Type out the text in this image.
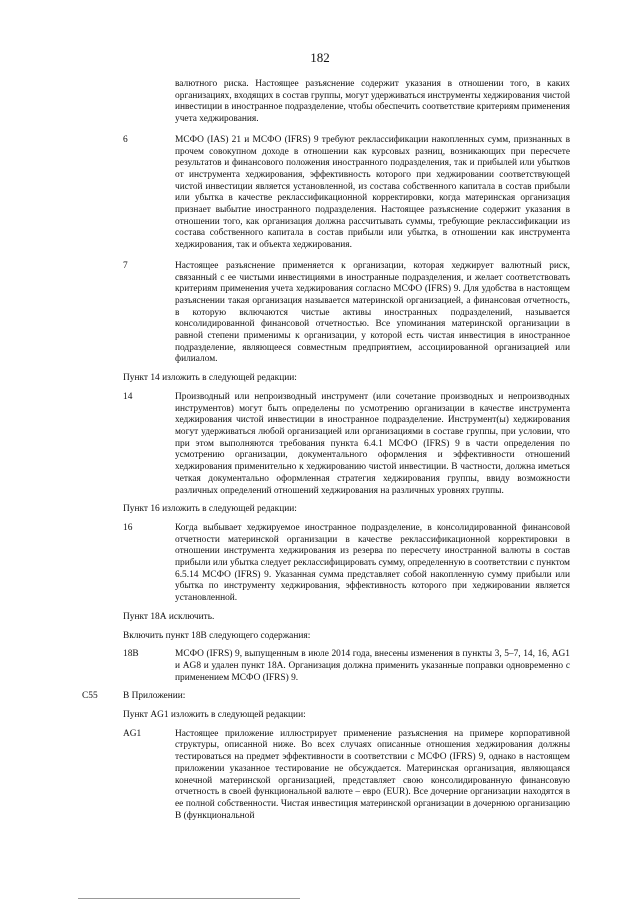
182

валютного риска. Настоящее разъяснение содержит указания в отношении того, в каких организациях, входящих в состав группы, могут удерживаться инструменты хеджирования чистой инвестиции в иностранное подразделение, чтобы обеспечить соответствие критериям применения учета хеджирования.

6	МСФО (IAS) 21 и МСФО (IFRS) 9 требуют реклассификации накопленных сумм, признанных в прочем совокупном доходе в отношении как курсовых разниц, возникающих при пересчете результатов и финансового положения иностранного подразделения, так и прибылей или убытков от инструмента хеджирования, эффективность которого при хеджировании соответствующей чистой инвестиции является установленной, из состава собственного капитала в состав прибыли или убытка в качестве реклассификационной корректировки, когда материнская организация признает выбытие иностранного подразделения. Настоящее разъяснение содержит указания в отношении того, как организация должна рассчитывать суммы, требующие реклассификации из состава собственного капитала в состав прибыли или убытка, в отношении как инструмента хеджирования, так и объекта хеджирования.

7	Настоящее разъяснение применяется к организации, которая хеджирует валютный риск, связанный с ее чистыми инвестициями в иностранные подразделения, и желает соответствовать критериям применения учета хеджирования согласно МСФО (IFRS) 9. Для удобства в настоящем разъяснении такая организация называется материнской организацией, а финансовая отчетность, в которую включаются чистые активы иностранных подразделений, называется консолидированной финансовой отчетностью. Все упоминания материнской организации в равной степени применимы к организации, у которой есть чистая инвестиция в иностранное подразделение, являющееся совместным предприятием, ассоциированной организацией или филиалом.

Пункт 14 изложить в следующей редакции:

14	Производный или непроизводный инструмент (или сочетание производных и непроизводных инструментов) могут быть определены по усмотрению организации в качестве инструмента хеджирования чистой инвестиции в иностранное подразделение. Инструмент(ы) хеджирования могут удерживаться любой организацией или организациями в составе группы, при условии, что при этом выполняются требования пункта 6.4.1 МСФО (IFRS) 9 в части определения по усмотрению организации, документального оформления и эффективности отношений хеджирования применительно к хеджированию чистой инвестиции. В частности, должна иметься четкая документально оформленная стратегия хеджирования группы, ввиду возможности различных определений отношений хеджирования на различных уровнях группы.

Пункт 16 изложить в следующей редакции:

16	Когда выбывает хеджируемое иностранное подразделение, в консолидированной финансовой отчетности материнской организации в качестве реклассификационной корректировки в отношении инструмента хеджирования из резерва по пересчету иностранной валюты в состав прибыли или убытка следует реклассифицировать сумму, определенную в соответствии с пунктом 6.5.14 МСФО (IFRS) 9. Указанная сумма представляет собой накопленную сумму прибыли или убытка по инструменту хеджирования, эффективность которого при хеджировании является установленной.

Пункт 18А исключить.

Включить пункт 18В следующего содержания:

18B	МСФО (IFRS) 9, выпущенным в июле 2014 года, внесены изменения в пункты 3, 5–7, 14, 16, AG1 и AG8 и удален пункт 18А. Организация должна применить указанные поправки одновременно с применением МСФО (IFRS) 9.

C55	В Приложении:

Пункт AG1 изложить в следующей редакции:

AG1	Настоящее приложение иллюстрирует применение разъяснения на примере корпоративной структуры, описанной ниже. Во всех случаях описанные отношения хеджирования должны тестироваться на предмет эффективности в соответствии с МСФО (IFRS) 9, однако в настоящем приложении указанное тестирование не обсуждается. Материнская организация, являющаяся конечной материнской организацией, представляет свою консолидированную финансовую отчетность в своей функциональной валюте – евро (EUR). Все дочерние организации находятся в ее полной собственности. Чистая инвестиция материнской организации в дочернюю организацию В (функциональной
